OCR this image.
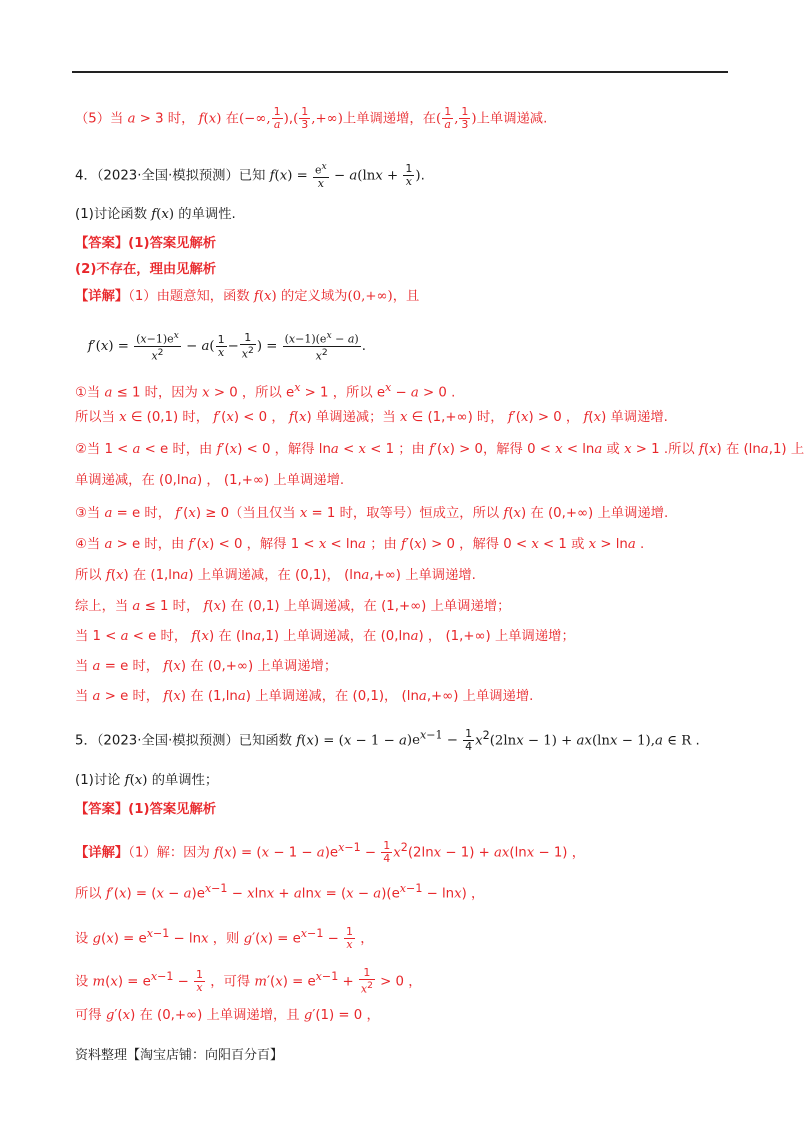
（5）当 a > 3 时， f(x) 在(−∞, $\frac{1}{a}$ ),( $\frac{1}{3}$ ,+∞)上单调递增，在( $\frac{1}{a}$ , $\frac{1}{3}$ )上单调递减.
4．（2023·全国·模拟预测）已知 $f(x) = \frac{e^x}{x} - a(\ln x + \frac{1}{x}$ ).
(1)讨论函数 f(x) 的单调性.
【答案】(1)答案见解析
(2)不存在，理由见解析
【详解】（1）由题意知，函数 f(x) 的定义域为(0,+∞)，且
$f'(x) = \frac{(x-1)e^x}{x^2} - a( \frac{1}{x} - \frac{1}{x^2}$ ) = $\frac{(x-1)(e^x - a)}{x^2}$ .
①当 a ≤ 1 时，因为 x > 0 ，所以 $e^x > 1$ ，所以 $e^x - a > 0$ .
所以当 x ∈ (0,1) 时， f′(x) < 0 ， f(x) 单调递减；当 x ∈ (1,+∞) 时， f′(x) > 0 ， f(x) 单调递增.
②当 1 < a < e 时，由 f′(x) < 0 ，解得 lna < x < 1 ；由 f′(x) > 0，解得 0 < x < lna 或 x > 1 .所以 f(x) 在 (lna,1) 上
单调递减，在 (0,lna) ， (1,+∞) 上单调递增.
③当 a = e 时， f′(x) ≥ 0（当且仅当 x = 1 时，取等号）恒成立，所以 f(x) 在 (0,+∞) 上单调递增.
④当 a > e 时，由 f′(x) < 0 ，解得 1 < x < lna ；由 f′(x) > 0 ，解得 0 < x < 1 或 x > lna .
所以 f(x) 在 (1,lna) 上单调递减，在 (0,1)， (lna,+∞) 上单调递增.
综上，当 a ≤ 1 时， f(x) 在 (0,1) 上单调递减，在 (1,+∞) 上单调递增；
当 1 < a < e 时， f(x) 在 (lna,1) 上单调递减，在 (0,lna) ， (1,+∞) 上单调递增；
当 a = e 时， f(x) 在 (0,+∞) 上单调递增；
当 a > e 时， f(x) 在 (1,lna) 上单调递减，在 (0,1)， (lna,+∞) 上单调递增.
5．（2023·全国·模拟预测）已知函数 $f(x) = (x - 1 - a)e^{x-1} - \frac{1}{4} x^2(2\ln x - 1) + ax(\ln x - 1),a$ ∈ R .
(1)讨论 f(x) 的单调性；
【答案】(1)答案见解析
【详解】（1）解：因为 $f(x) = (x - 1 - a)e^{x-1} - \frac{1}{4} x^2(2\ln x - 1) + ax(\ln x - 1)$ ，
所以 $f'(x) = (x - a)e^{x-1} - xlnx + alnx = (x - a)(e^{x-1} - \ln x)$ ，
设 $g(x) = e^{x-1} - \ln x$ ，则 $g'(x) = e^{x-1} - \frac{1}{x}$ ，
设 $m(x) = e^{x-1} - \frac{1}{x}$ ，可得 $m'(x) = e^{x-1} + \frac{1}{x^2} > 0$ ，
可得 g′(x) 在 (0,+∞) 上单调递增，且 g′(1) = 0 ，
资料整理【淘宝店铺：向阳百分百】
